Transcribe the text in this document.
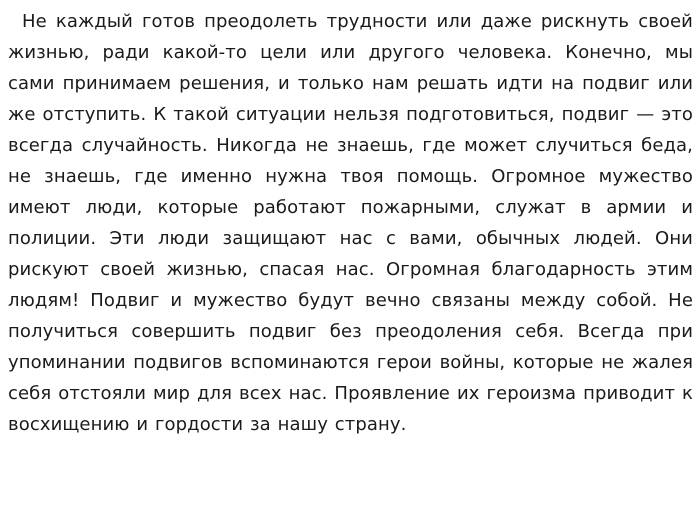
Не каждый готов преодолеть трудности или даже рискнуть своей жизнью, ради какой-то цели или другого человека. Конечно, мы сами принимаем решения, и только нам решать идти на подвиг или же отступить. К такой ситуации нельзя подготовиться, подвиг — это всегда случайность. Никогда не знаешь, где может случиться беда, не знаешь, где именно нужна твоя помощь. Огромное мужество имеют люди, которые работают пожарными, служат в армии и полиции. Эти люди защищают нас с вами, обычных людей. Они рискуют своей жизнью, спасая нас. Огромная благодарность этим людям! Подвиг и мужество будут вечно связаны между собой. Не получиться совершить подвиг без преодоления себя. Всегда при упоминании подвигов вспоминаются герои войны, которые не жалея себя отстояли мир для всех нас. Проявление их героизма приводит к восхищению и гордости за нашу страну.
